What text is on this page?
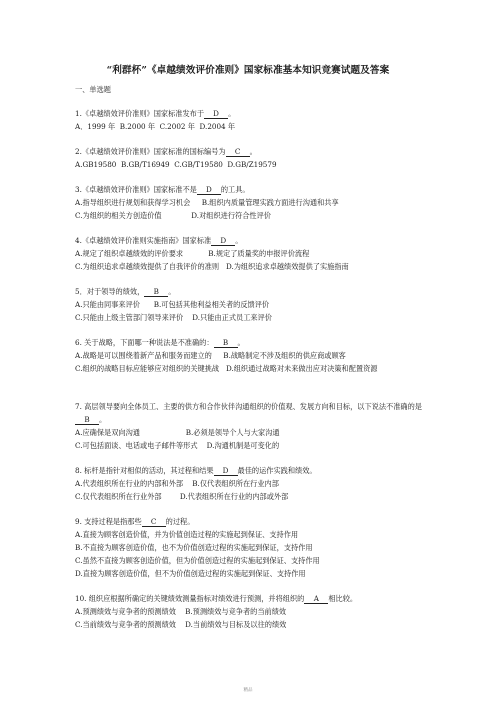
“利群杯”《卓越绩效评价准则》国家标准基本知识竞赛试题及答案
一、单选题
1.《卓越绩效评价准则》国家标准发布于 D 。
A．1999 年 B.2000 年 C.2002 年 D.2004 年
2.《卓越绩效评价准则》国家标准的国标编号为 C 。
A.GB19580 B.GB/T16949 C.GB/T19580 D.GB/Z19579
3.《卓越绩效评价准则》国家标准不是 D 的工具。
A.指导组织进行规划和获得学习机会 B.组织内质量管理实践方面进行沟通和共享
C.为组织的相关方创造价值	D.对组织进行符合性评价
4.《卓越绩效评价准则实施指南》国家标准 D 。
A.规定了组织卓越绩效的评价要求	B.规定了质量奖的申报评价流程
C.为组织追求卓越绩效提供了自我评价的准则 D.为组织追求卓越绩效提供了实施指南
5．对于领导的绩效， B 。
A.只能由同事来评价 B.可包括其他利益相关者的反馈评价
C.只能由上级主管部门领导来评价 D.只能由正式员工来评价
6. 关于战略，下面哪一种说法是不准确的： B 。
A.战略是可以围绕着新产品和服务而建立的 B.战略制定不涉及组织的供应商或顾客
C.组织的战略目标应能够应对组织的关键挑战 D.组织通过战略对未来做出应对决策和配置资源
7. 高层领导要向全体员工、主要的供方和合作伙伴沟通组织的价值观、发展方向和目标，以下说法不准确的是B 。
A.应确保是双向沟通	B.必须是领导个人与大家沟通
C.可包括面谈、电话或电子邮件等形式 D.沟通机制是可变化的
8. 标杆是指针对相似的活动，其过程和结果 D 最佳的运作实践和绩效。
A.代表组织所在行业的内部和外部 B.仅代表组织所在行业内部
C.仅代表组织所在行业外部	D.代表组织所在行业的内部或外部
9. 支持过程是指那些 C 的过程。
A.直接为顾客创造价值，并为价值创造过程的实施起到保证、支持作用
B.不直接为顾客创造价值，也不为价值创造过程的实施起到保证，支持作用
C.虽然不直接为顾客创造价值，但为价值创造过程的实施起到保证、支持作用
D.直接为顾客创造价值，但不为价值创造过程的实施起到保证、支持作用
10. 组织应根据所确定的关键绩效测量指标对绩效进行预测，并将组织的 A 相比较。
A.预测绩效与竞争者的预测绩效 B.预测绩效与竞争者的当前绩效
C.当前绩效与竞争者的预测绩效 D.当前绩效与目标及以往的绩效
精品
